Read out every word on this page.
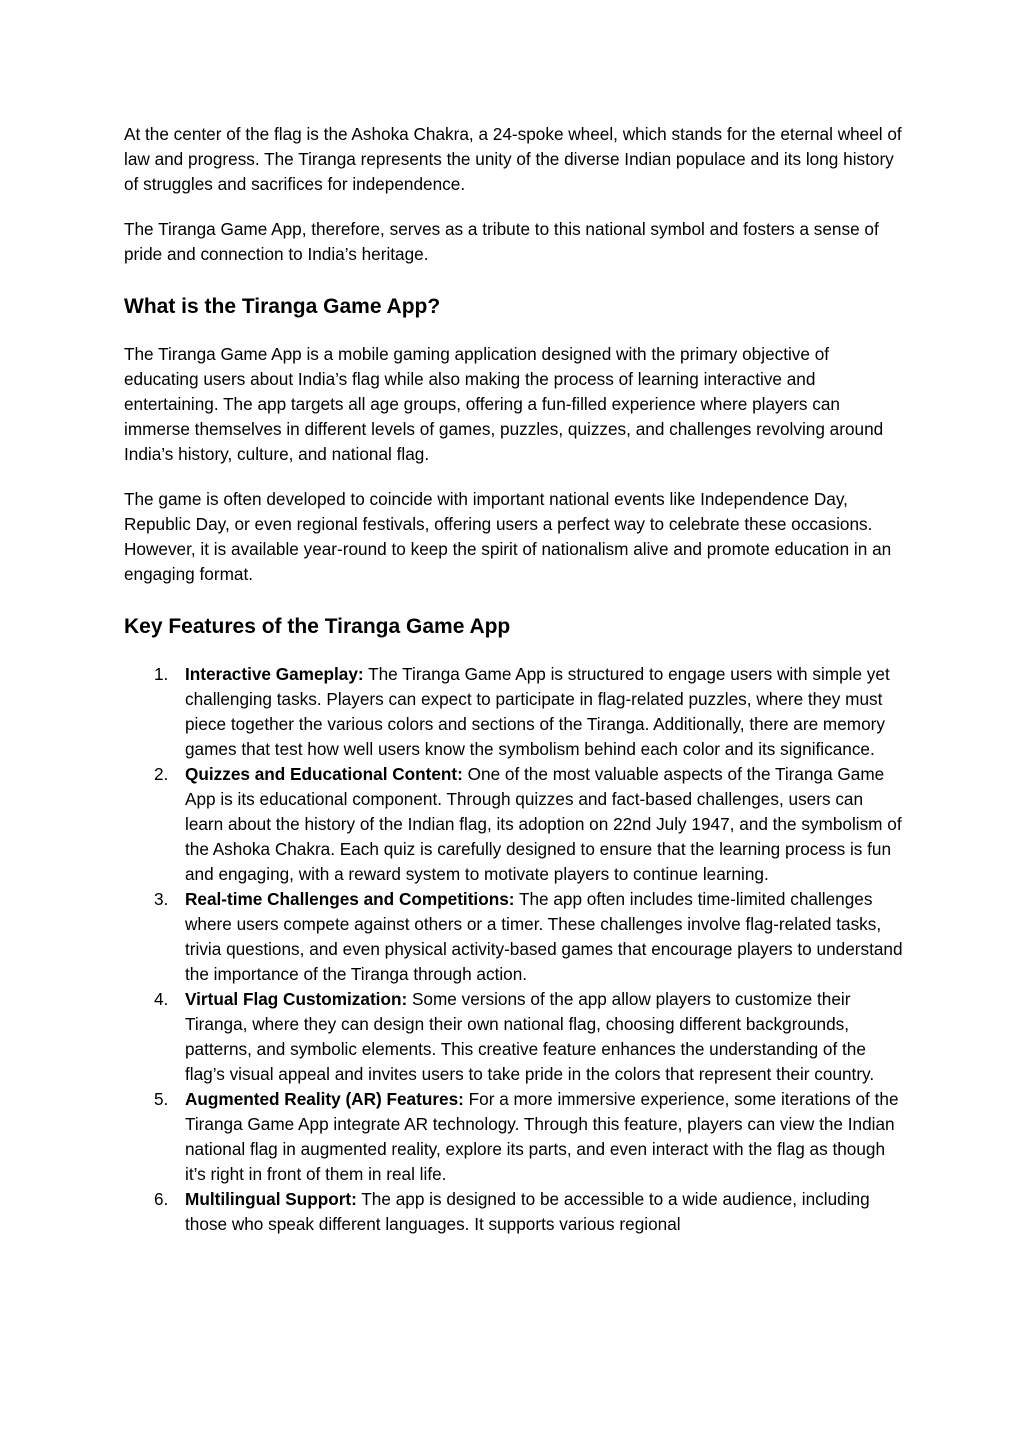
At the center of the flag is the Ashoka Chakra, a 24-spoke wheel, which stands for the eternal wheel of law and progress. The Tiranga represents the unity of the diverse Indian populace and its long history of struggles and sacrifices for independence.

The Tiranga Game App, therefore, serves as a tribute to this national symbol and fosters a sense of pride and connection to India’s heritage.

What is the Tiranga Game App?

The Tiranga Game App is a mobile gaming application designed with the primary objective of educating users about India’s flag while also making the process of learning interactive and entertaining. The app targets all age groups, offering a fun-filled experience where players can immerse themselves in different levels of games, puzzles, quizzes, and challenges revolving around India’s history, culture, and national flag.

The game is often developed to coincide with important national events like Independence Day, Republic Day, or even regional festivals, offering users a perfect way to celebrate these occasions. However, it is available year-round to keep the spirit of nationalism alive and promote education in an engaging format.

Key Features of the Tiranga Game App
1. Interactive Gameplay: The Tiranga Game App is structured to engage users with simple yet challenging tasks. Players can expect to participate in flag-related puzzles, where they must piece together the various colors and sections of the Tiranga. Additionally, there are memory games that test how well users know the symbolism behind each color and its significance.
2. Quizzes and Educational Content: One of the most valuable aspects of the Tiranga Game App is its educational component. Through quizzes and fact-based challenges, users can learn about the history of the Indian flag, its adoption on 22nd July 1947, and the symbolism of the Ashoka Chakra. Each quiz is carefully designed to ensure that the learning process is fun and engaging, with a reward system to motivate players to continue learning.
3. Real-time Challenges and Competitions: The app often includes time-limited challenges where users compete against others or a timer. These challenges involve flag-related tasks, trivia questions, and even physical activity-based games that encourage players to understand the importance of the Tiranga through action.
4. Virtual Flag Customization: Some versions of the app allow players to customize their Tiranga, where they can design their own national flag, choosing different backgrounds, patterns, and symbolic elements. This creative feature enhances the understanding of the flag’s visual appeal and invites users to take pride in the colors that represent their country.
5. Augmented Reality (AR) Features: For a more immersive experience, some iterations of the Tiranga Game App integrate AR technology. Through this feature, players can view the Indian national flag in augmented reality, explore its parts, and even interact with the flag as though it’s right in front of them in real life.
6. Multilingual Support: The app is designed to be accessible to a wide audience, including those who speak different languages. It supports various regional
